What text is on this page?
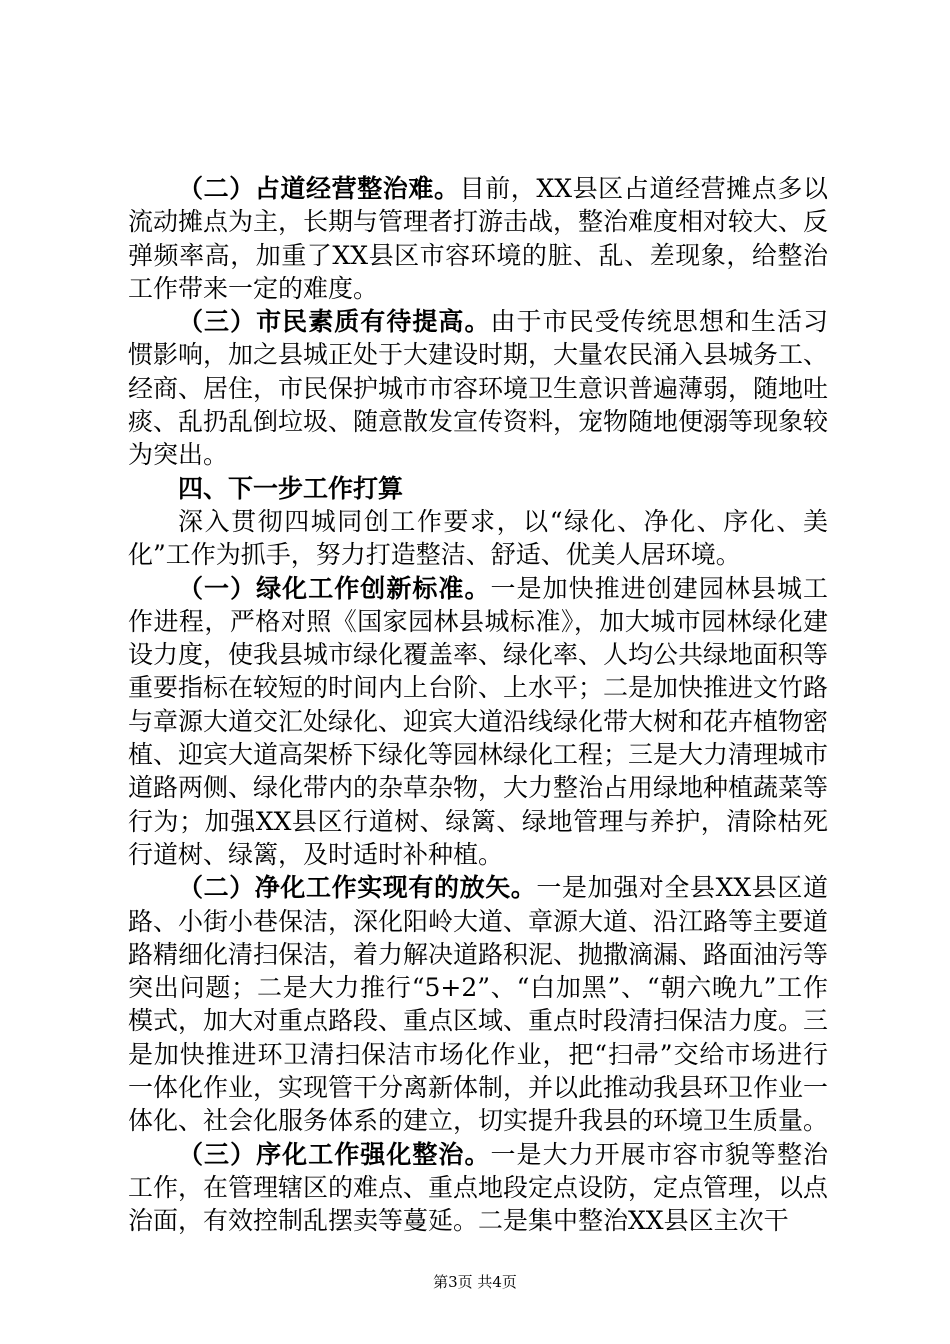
（二）占道经营整治难。目前，XX县区占道经营摊点多以流动摊点为主，长期与管理者打游击战，整治难度相对较大、反弹频率高，加重了XX县区市容环境的脏、乱、差现象，给整治工作带来一定的难度。

（三）市民素质有待提高。由于市民受传统思想和生活习惯影响，加之县城正处于大建设时期，大量农民涌入县城务工、经商、居住，市民保护城市市容环境卫生意识普遍薄弱，随地吐痰、乱扔乱倒垃圾、随意散发宣传资料，宠物随地便溺等现象较为突出。

四、下一步工作打算

深入贯彻四城同创工作要求，以“绿化、净化、序化、美化”工作为抓手，努力打造整洁、舒适、优美人居环境。

（一）绿化工作创新标准。一是加快推进创建园林县城工作进程，严格对照《国家园林县城标准》，加大城市园林绿化建设力度，使我县城市绿化覆盖率、绿化率、人均公共绿地面积等重要指标在较短的时间内上台阶、上水平；二是加快推进文竹路与章源大道交汇处绿化、迎宾大道沿线绿化带大树和花卉植物密植、迎宾大道高架桥下绿化等园林绿化工程；三是大力清理城市道路两侧、绿化带内的杂草杂物，大力整治占用绿地种植蔬菜等行为；加强XX县区行道树、绿篱、绿地管理与养护，清除枯死行道树、绿篱，及时适时补种植。

（二）净化工作实现有的放矢。一是加强对全县XX县区道路、小街小巷保洁，深化阳岭大道、章源大道、沿江路等主要道路精细化清扫保洁，着力解决道路积泥、抛撒滴漏、路面油污等突出问题；二是大力推行“5+2”、“白加黑”、“朝六晚九”工作模式，加大对重点路段、重点区域、重点时段清扫保洁力度。三是加快推进环卫清扫保洁市场化作业，把“扫帚”交给市场进行一体化作业，实现管干分离新体制，并以此推动我县环卫作业一体化、社会化服务体系的建立，切实提升我县的环境卫生质量。

（三）序化工作强化整治。一是大力开展市容市貌等整治工作，在管理辖区的难点、重点地段定点设防，定点管理，以点治面，有效控制乱摆卖等蔓延。二是集中整治XX县区主次干

第3页 共4页
